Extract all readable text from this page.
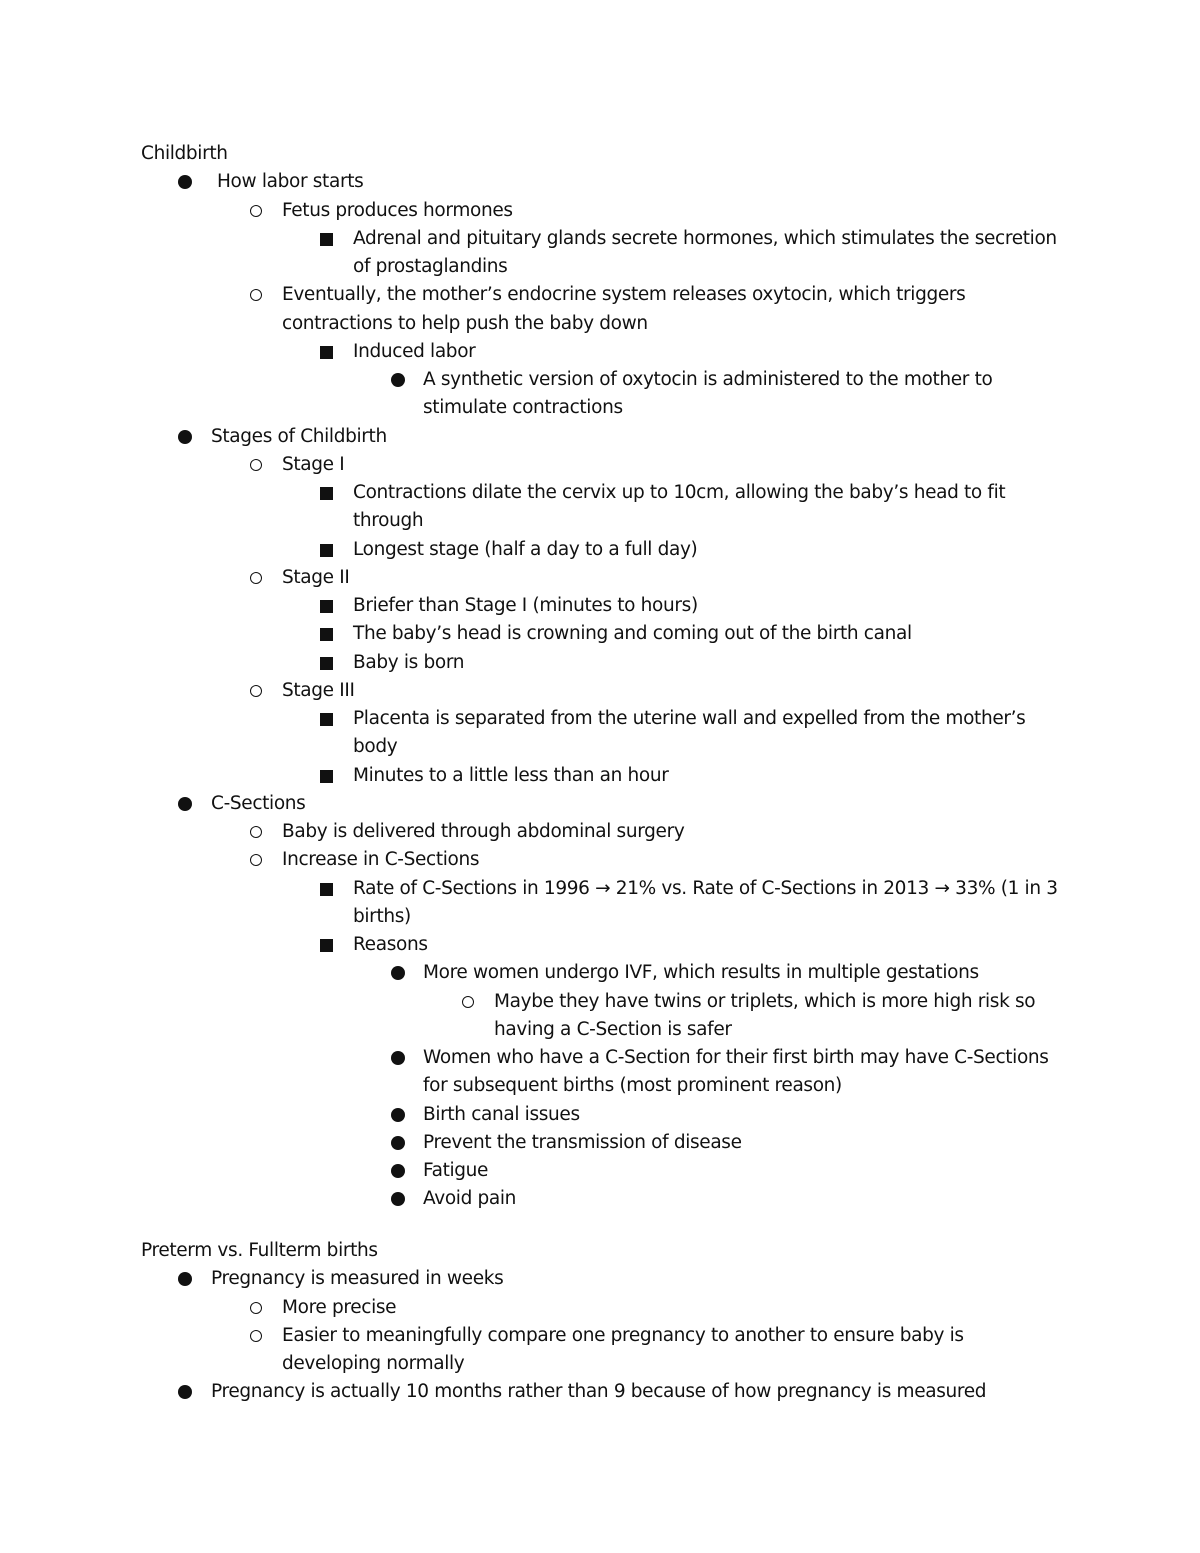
Childbirth
How labor starts
Fetus produces hormones
Adrenal and pituitary glands secrete hormones, which stimulates the secretion
of prostaglandins
Eventually, the mother’s endocrine system releases oxytocin, which triggers
contractions to help push the baby down
Induced labor
A synthetic version of oxytocin is administered to the mother to
stimulate contractions
Stages of Childbirth
Stage I
Contractions dilate the cervix up to 10cm, allowing the baby’s head to fit
through
Longest stage (half a day to a full day)
Stage II
Briefer than Stage I (minutes to hours)
The baby’s head is crowning and coming out of the birth canal
Baby is born
Stage III
Placenta is separated from the uterine wall and expelled from the mother’s
body
Minutes to a little less than an hour
C-Sections
Baby is delivered through abdominal surgery
Increase in C-Sections
Rate of C-Sections in 1996 → 21% vs. Rate of C-Sections in 2013 → 33% (1 in 3
births)
Reasons
More women undergo IVF, which results in multiple gestations
Maybe they have twins or triplets, which is more high risk so
having a C-Section is safer
Women who have a C-Section for their first birth may have C-Sections
for subsequent births (most prominent reason)
Birth canal issues
Prevent the transmission of disease
Fatigue
Avoid pain
Preterm vs. Fullterm births
Pregnancy is measured in weeks
More precise
Easier to meaningfully compare one pregnancy to another to ensure baby is
developing normally
Pregnancy is actually 10 months rather than 9 because of how pregnancy is measured
